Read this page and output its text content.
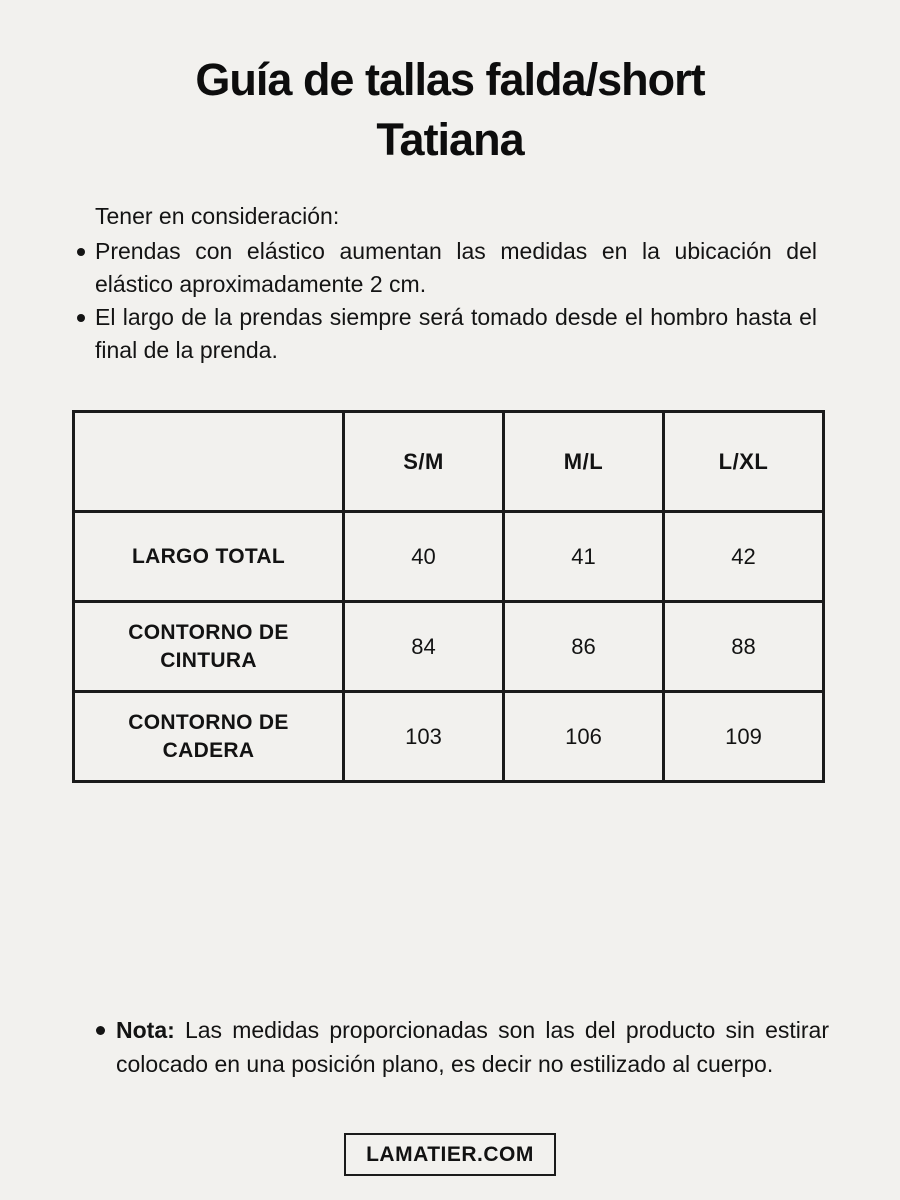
Guía de tallas falda/short
Tatiana
Tener en consideración:
Prendas con elástico aumentan las medidas en la ubicación del elástico aproximadamente 2 cm.
El largo de la prendas siempre será tomado desde el hombro hasta el final de la prenda.
	S/M	M/L	L/XL

LARGO TOTAL	40	41	42

CONTORNO DE CINTURA	84	86	88

CONTORNO DE CADERA	103	106	109
Nota: Las medidas proporcionadas son las del producto sin estirar colocado en una posición plano, es decir no estilizado al cuerpo.
LAMATIER.COM
